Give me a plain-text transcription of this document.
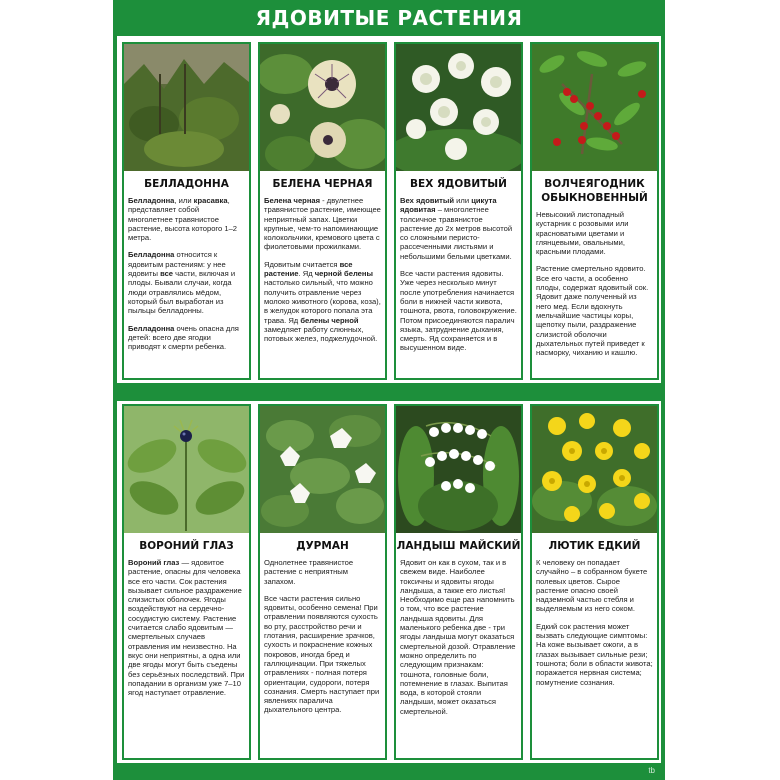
ЯДОВИТЫЕ РАСТЕНИЯ
tb
БЕЛЛАДОННА

Белладонна, или красавка, представляет собой многолетнее травянистое растение, высота которого 1–2 метра.

Белладонна относится к ядовитым растениям: у нее ядовиты все части, включая и плоды. Бывали случаи, когда люди отравлялись мёдом, который был выработан из пыльцы белладонны.

Белладонна очень опасна для детей: всего две ягодки приводят к смерти ребенка.

БЕЛЕНА ЧЕРНАЯ

Белена черная - двулетнее травянистое растение, имеющее неприятный запах. Цветки крупные, чем-то напоминающие колокольчики, кремового цвета с фиолетовыми прожилками.

Ядовитым считается все растение. Яд черной белены настолько сильный, что можно получить отравление через молоко животного (корова, коза), в желудок которого попала эта трава. Яд белены черной замедляет работу слюнных, потовых желез, поджелудочной.

ВЕХ ЯДОВИТЫЙ

Вех ядовитый или цикута ядовитая – многолетнее толсичное травянистое растение до 2х метров высотой со сложными перисто-рассеченными листьями и небольшими белыми цветками.

Все части растения ядовиты. Уже через несколько минут после употребления начинается боли в нижней части живота, тошнота, рвота, головокружение. Потом присоединяются паралич языка, затруднение дыхания, смерть. Яд сохраняется и в высушенном виде.

ВОЛЧЕЯГОДНИК ОБЫКНОВЕННЫЙ

Невысокий листопадный кустарник с розовыми или красноватыми цветами и глянцевыми, овальными, красными плодами.

Растение смертельно ядовито. Все его части, а особенно плоды, содержат ядовитый сок. Ядовит даже полученный из него мед. Если вдохнуть мельчайшие частицы коры, щепотку пыли, раздражение слизистой оболочки дыхательных путей приведет к насморку, чиханию и кашлю.

ВОРОНИЙ ГЛАЗ

Вороний глаз — ядовитое растение, опасны для человека все его части. Сок растения вызывает сильное раздражение слизистых оболочек. Ягоды воздействуют на сердечно-сосудистую систему. Растение считается слабо ядовитым — смертельных случаев отравления им неизвестно. На вкус они неприятны, а одна или две ягоды могут быть съедены без серьёзных последствий. При попадании в организм уже 7–10 ягод наступает отравление.

ДУРМАН

Однолетнее травянистое растение с неприятным запахом.

Все части растения сильно ядовиты, особенно семена! При отравлении появляются сухость во рту, расстройство речи и глотания, расширение зрачков, сухость и покраснение кожных покровов, иногда бред и галлюцинации. При тяжелых отравлениях - полная потеря ориентации, судороги, потеря сознания. Смерть наступает при явлениях паралича дыхательного центра.

ЛАНДЫШ МАЙСКИЙ

Ядовит он как в сухом, так и в свежем виде. Наиболее токсичны и ядовиты ягоды ландыша, а также его листья! Необходимо еще раз напомнить о том, что все растение ландыша ядовиты. Для маленького ребенка две - три ягоды ландыша могут оказаться смертельной дозой. Отравление можно определить по следующим признакам: тошнота, головные боли, потемнение в глазах. Выпитая вода, в которой стояли ландыши, может оказаться смертельной.

ЛЮТИК ЕДКИЙ

К человеку он попадает случайно – в собранном букете полевых цветов. Сырое растение опасно своей надземной частью стебля и выделяемым из него соком.

Едкий сок растения может вызвать следующие симптомы: На коже вызывает ожоги, а в глазах вызывает сильные рези; тошнота; боли в области живота; поражается нервная система; помутнение сознания.
